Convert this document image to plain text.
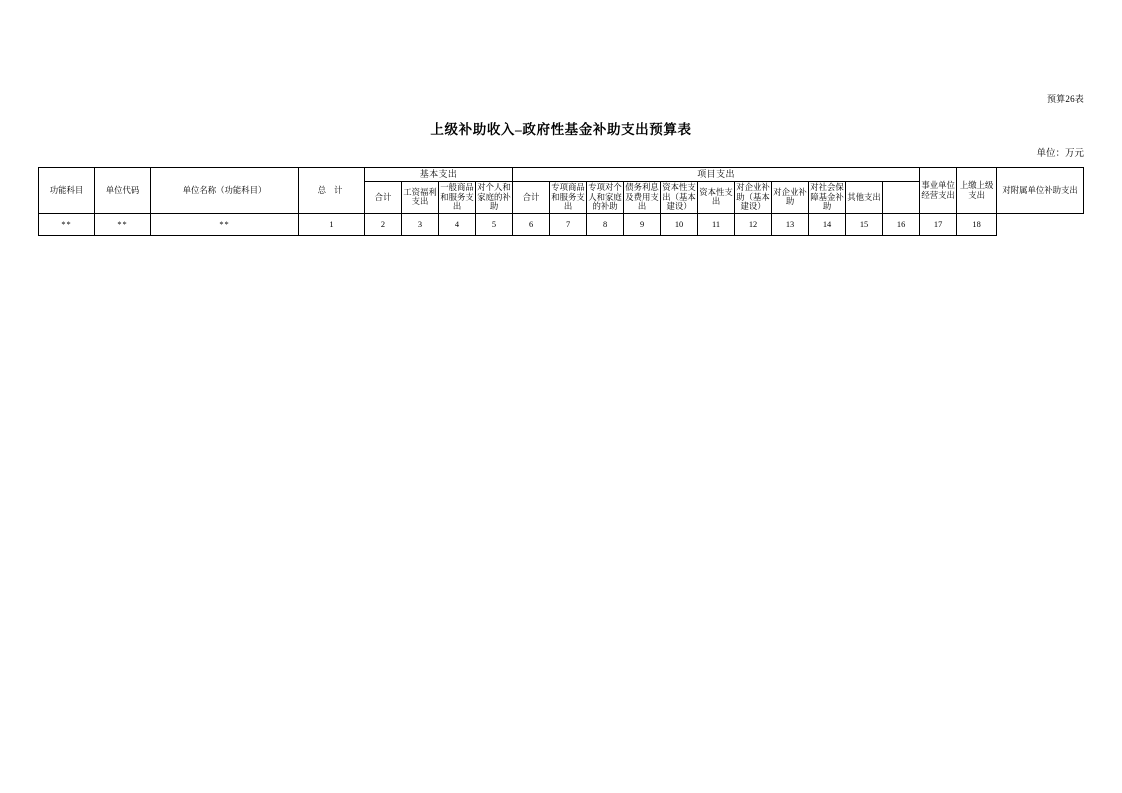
预算26表
上级补助收入–政府性基金补助支出预算表
单位：万元
功能科目	单位代码	单位名称（功能科目）	总 计	基本支出				项目支出											事业单位经营支出	上缴上级支出	对附属单位补助支出
				合计	工资福利支出	一般商品和服务支出	对个人和家庭的补助	合计	专项商品和服务支出	专项对个人和家庭的补助	债务利息及费用支出	资本性支出（基本建设）	资本性支出	对企业补助（基本建设）	对企业补助	对社会保障基金补助	其他支出				
**	**	**	1	2	3	4	5	6	7	8	9	10	11	12	13	14	15	16	17	18	
